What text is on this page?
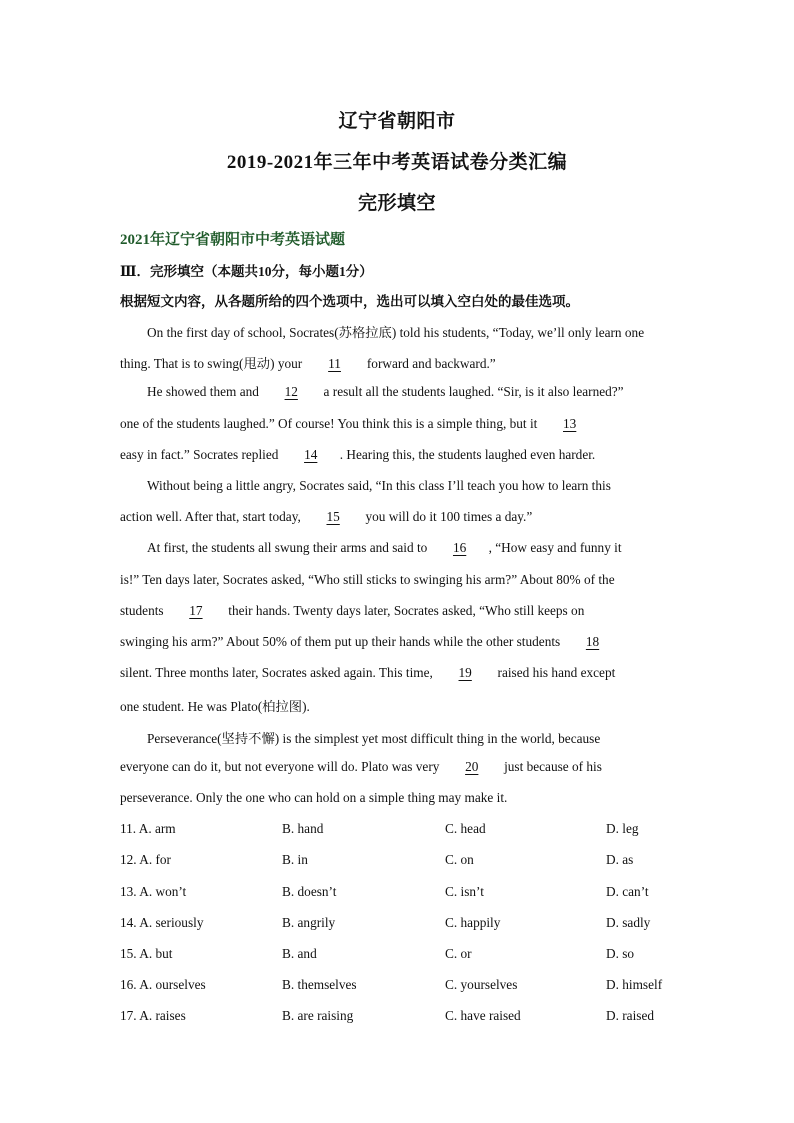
辽宁省朝阳市
2019-2021年三年中考英语试卷分类汇编
完形填空
2021年辽宁省朝阳市中考英语试题
Ⅲ．完形填空（本题共10分，每小题1分）
根据短文内容，从各题所给的四个选项中，选出可以填入空白处的最佳选项。
On the first day of school, Socrates(苏格拉底) told his students, “Today, we’ll only learn one
thing. That is to swing(甩动) your 11 forward and backward.”
He showed them and 12 a result all the students laughed. “Sir, is it also learned?”
one of the students laughed.” Of course! You think this is a simple thing, but it 13
easy in fact.” Socrates replied 14 . Hearing this, the students laughed even harder.
Without being a little angry, Socrates said, “In this class I’ll teach you how to learn this
action well. After that, start today, 15 you will do it 100 times a day.”
At first, the students all swung their arms and said to 16 , “How easy and funny it
is!” Ten days later, Socrates asked, “Who still sticks to swinging his arm?” About 80% of the
students 17 their hands. Twenty days later, Socrates asked, “Who still keeps on
swinging his arm?” About 50% of them put up their hands while the other students 18
silent. Three months later, Socrates asked again. This time, 19 raised his hand except
one student. He was Plato(柏拉图).
Perseverance(坚持不懈) is the simplest yet most difficult thing in the world, because
everyone can do it, but not everyone will do. Plato was very 20 just because of his
perseverance. Only the one who can hold on a simple thing may make it.
11. A. arm	B. hand	C. head	D. leg
12. A. for	B. in	C. on	D. as
13. A. won’t	B. doesn’t	C. isn’t	D. can’t
14. A. seriously	B. angrily	C. happily	D. sadly
15. A. but	B. and	C. or	D. so
16. A. ourselves	B. themselves	C. yourselves	D. himself
17. A. raises	B. are raising	C. have raised	D. raised
